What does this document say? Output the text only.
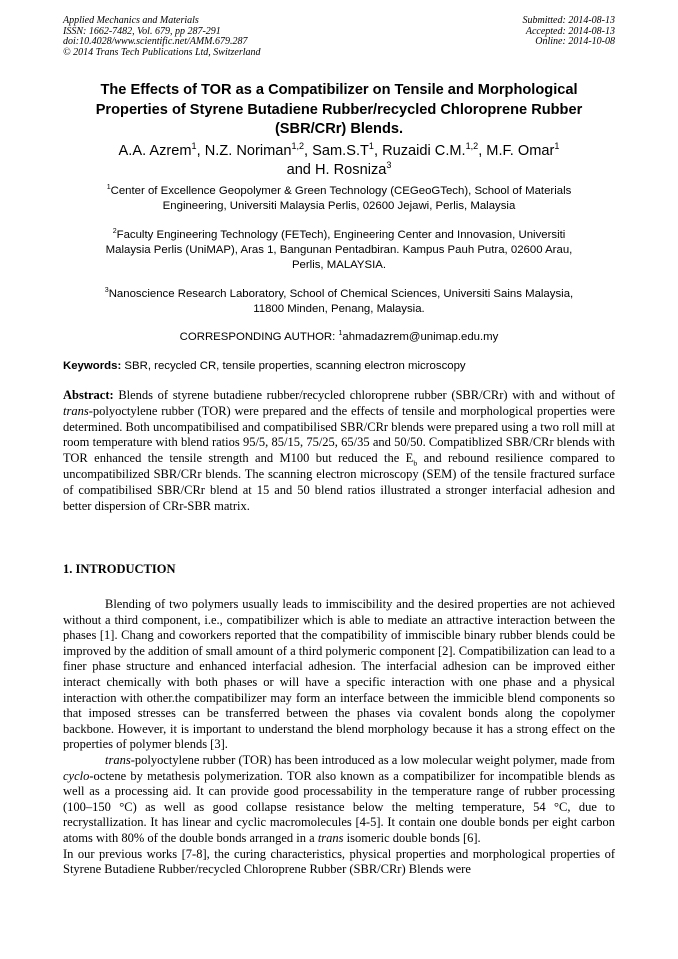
Applied Mechanics and Materials
ISSN: 1662-7482, Vol. 679, pp 287-291
doi:10.4028/www.scientific.net/AMM.679.287
© 2014 Trans Tech Publications Ltd, Switzerland
Submitted: 2014-08-13
Accepted: 2014-08-13
Online: 2014-10-08
The Effects of TOR as a Compatibilizer on Tensile and Morphological
Properties of Styrene Butadiene Rubber/recycled Chloroprene Rubber
(SBR/CRr) Blends.
A.A. Azrem$^1$, N.Z. Noriman$^{1,2}$, $Sam.S.T^1$, Ruzaidi C.M.$^{1,2}$, M.F. Omar$^1$
and H. Rosniza$^3$
$^1$Center of Excellence Geopolymer & Green Technology (CEGeoGTech), School of Materials
Engineering, Universiti Malaysia Perlis, 02600 Jejawi, Perlis, Malaysia
$^2$Faculty Engineering Technology (FETech), Engineering Center and Innovasion, Universiti
Malaysia Perlis (UniMAP), Aras 1, Bangunan Pentadbiran. Kampus Pauh Putra, 02600 Arau,
Perlis, MALAYSIA.
$^3$Nanoscience Research Laboratory, School of Chemical Sciences, Universiti Sains Malaysia,
11800 Minden, Penang, Malaysia.
CORRESPONDING AUTHOR: $^1$ahmadazrem@unimap.edu.my
Keywords: SBR, recycled CR, tensile properties, scanning electron microscopy
Abstract: Blends of styrene butadiene rubber/recycled chloroprene rubber (SBR/CRr) with and without of trans-polyoctylene rubber (TOR) were prepared and the effects of tensile and morphological properties were determined. Both uncompatibilised and compatibilised SBR/CRr blends were prepared using a two roll mill at room temperature with blend ratios 95/5, 85/15, 75/25, 65/35 and 50/50. Compatiblized SBR/CRr blends with TOR enhanced the tensile strength and M100 but reduced the $E_b$ and rebound resilience compared to uncompatibilized SBR/CRr blends. The scanning electron microscopy (SEM) of the tensile fractured surface of compatibilised SBR/CRr blend at 15 and 50 blend ratios illustrated a stronger interfacial adhesion and better dispersion of CRr-SBR matrix.
1. INTRODUCTION

Blending of two polymers usually leads to immiscibility and the desired properties are not achieved without a third component, i.e., compatibilizer which is able to mediate an attractive interaction between the phases [1]. Chang and coworkers reported that the compatibility of immiscible binary rubber blends could be improved by the addition of small amount of a third polymeric component [2]. Compatibilization can lead to a finer phase structure and enhanced interfacial adhesion. The interfacial adhesion can be improved either interact chemically with both phases or will have a specific interaction with one phase and a physical interaction with other.the compatibilizer may form an interface between the immicible blend components so that imposed stresses can be transferred between the phases via covalent bonds along the copolymer backbone. However, it is important to understand the blend morphology because it has a strong effect on the properties of polymer blends [3].

trans-polyoctylene rubber (TOR) has been introduced as a low molecular weight polymer, made from cyclo-octene by metathesis polymerization. TOR also known as a compatibilizer for incompatible blends as well as a processing aid. It can provide good processability in the temperature range of rubber processing (100–150 °C) as well as good collapse resistance below the melting temperature, 54 °C, due to recrystallization. It has linear and cyclic macromolecules [4-5]. It contain one double bonds per eight carbon atoms with 80% of the double bonds arranged in a trans isomeric double bonds [6].

In our previous works [7-8], the curing characteristics, physical properties and morphological properties of Styrene Butadiene Rubber/recycled Chloroprene Rubber (SBR/CRr) Blends were
